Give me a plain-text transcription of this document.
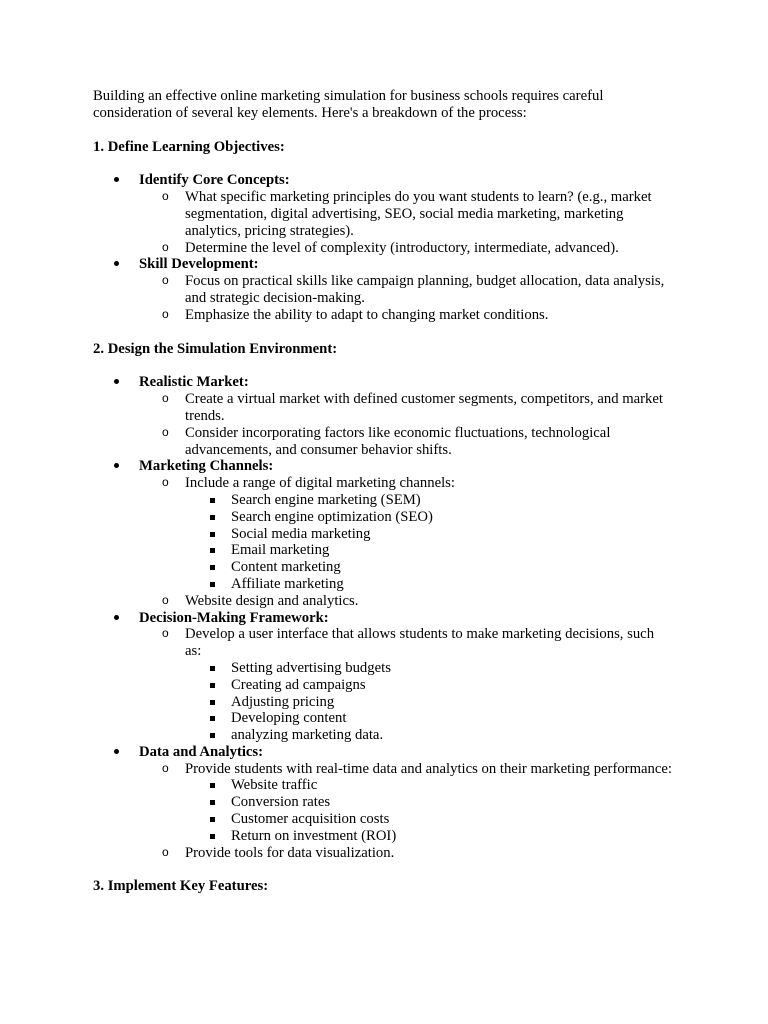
Building an effective online marketing simulation for business schools requires careful consideration of several key elements. Here's a breakdown of the process:

1. Define Learning Objectives:

Identify Core Concepts:
o What specific marketing principles do you want students to learn? (e.g., market segmentation, digital advertising, SEO, social media marketing, marketing analytics, pricing strategies).
o Determine the level of complexity (introductory, intermediate, advanced).
Skill Development:
o Focus on practical skills like campaign planning, budget allocation, data analysis, and strategic decision-making.
o Emphasize the ability to adapt to changing market conditions.

2. Design the Simulation Environment:

Realistic Market:
o Create a virtual market with defined customer segments, competitors, and market trends.
o Consider incorporating factors like economic fluctuations, technological advancements, and consumer behavior shifts.
Marketing Channels:
o Include a range of digital marketing channels:
Search engine marketing (SEM)
Search engine optimization (SEO)
Social media marketing
Email marketing
Content marketing
Affiliate marketing
o Website design and analytics.
Decision-Making Framework:
o Develop a user interface that allows students to make marketing decisions, such as:
Setting advertising budgets
Creating ad campaigns
Adjusting pricing
Developing content
analyzing marketing data.
Data and Analytics:
o Provide students with real-time data and analytics on their marketing performance:
Website traffic
Conversion rates
Customer acquisition costs
Return on investment (ROI)
o Provide tools for data visualization.

3. Implement Key Features:
